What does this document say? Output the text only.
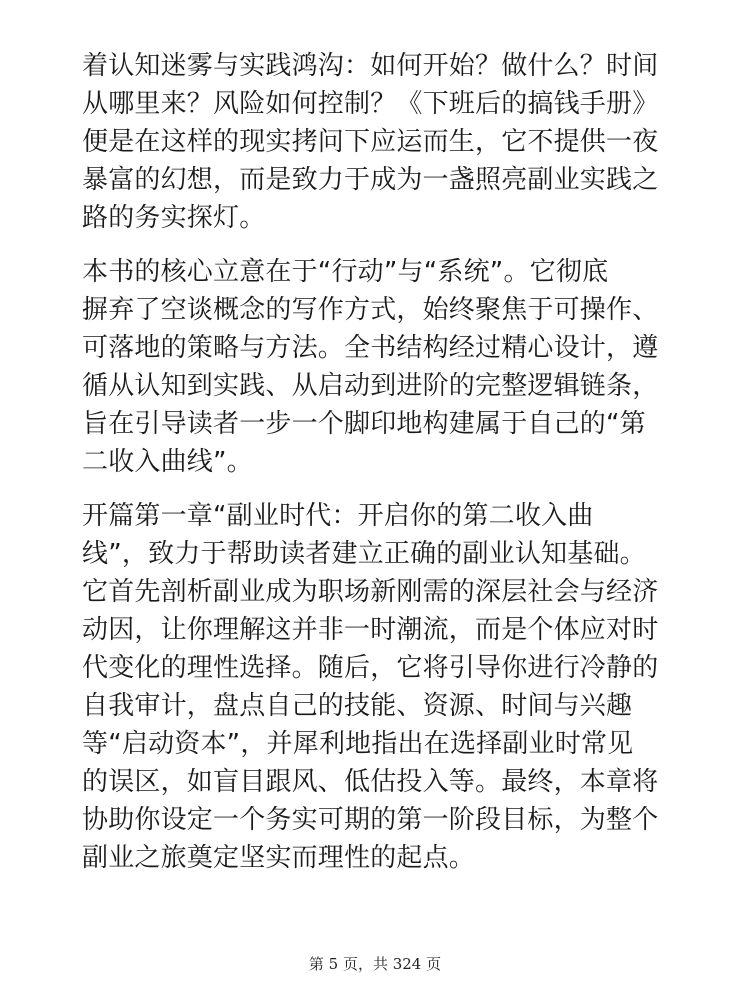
着认知迷雾与实践鸿沟：如何开始？做什么？时间
从哪里来？风险如何控制？《下班后的搞钱手册》
便是在这样的现实拷问下应运而生，它不提供一夜
暴富的幻想，而是致力于成为一盏照亮副业实践之
路的务实探灯。

本书的核心立意在于“行动”与“系统”。它彻底
摒弃了空谈概念的写作方式，始终聚焦于可操作、
可落地的策略与方法。全书结构经过精心设计，遵
循从认知到实践、从启动到进阶的完整逻辑链条，
旨在引导读者一步一个脚印地构建属于自己的“第
二收入曲线”。

开篇第一章“副业时代：开启你的第二收入曲
线”，致力于帮助读者建立正确的副业认知基础。
它首先剖析副业成为职场新刚需的深层社会与经济
动因，让你理解这并非一时潮流，而是个体应对时
代变化的理性选择。随后，它将引导你进行冷静的
自我审计，盘点自己的技能、资源、时间与兴趣
等“启动资本”，并犀利地指出在选择副业时常见
的误区，如盲目跟风、低估投入等。最终，本章将
协助你设定一个务实可期的第一阶段目标，为整个
副业之旅奠定坚实而理性的起点。

第 5 页，共 324 页
